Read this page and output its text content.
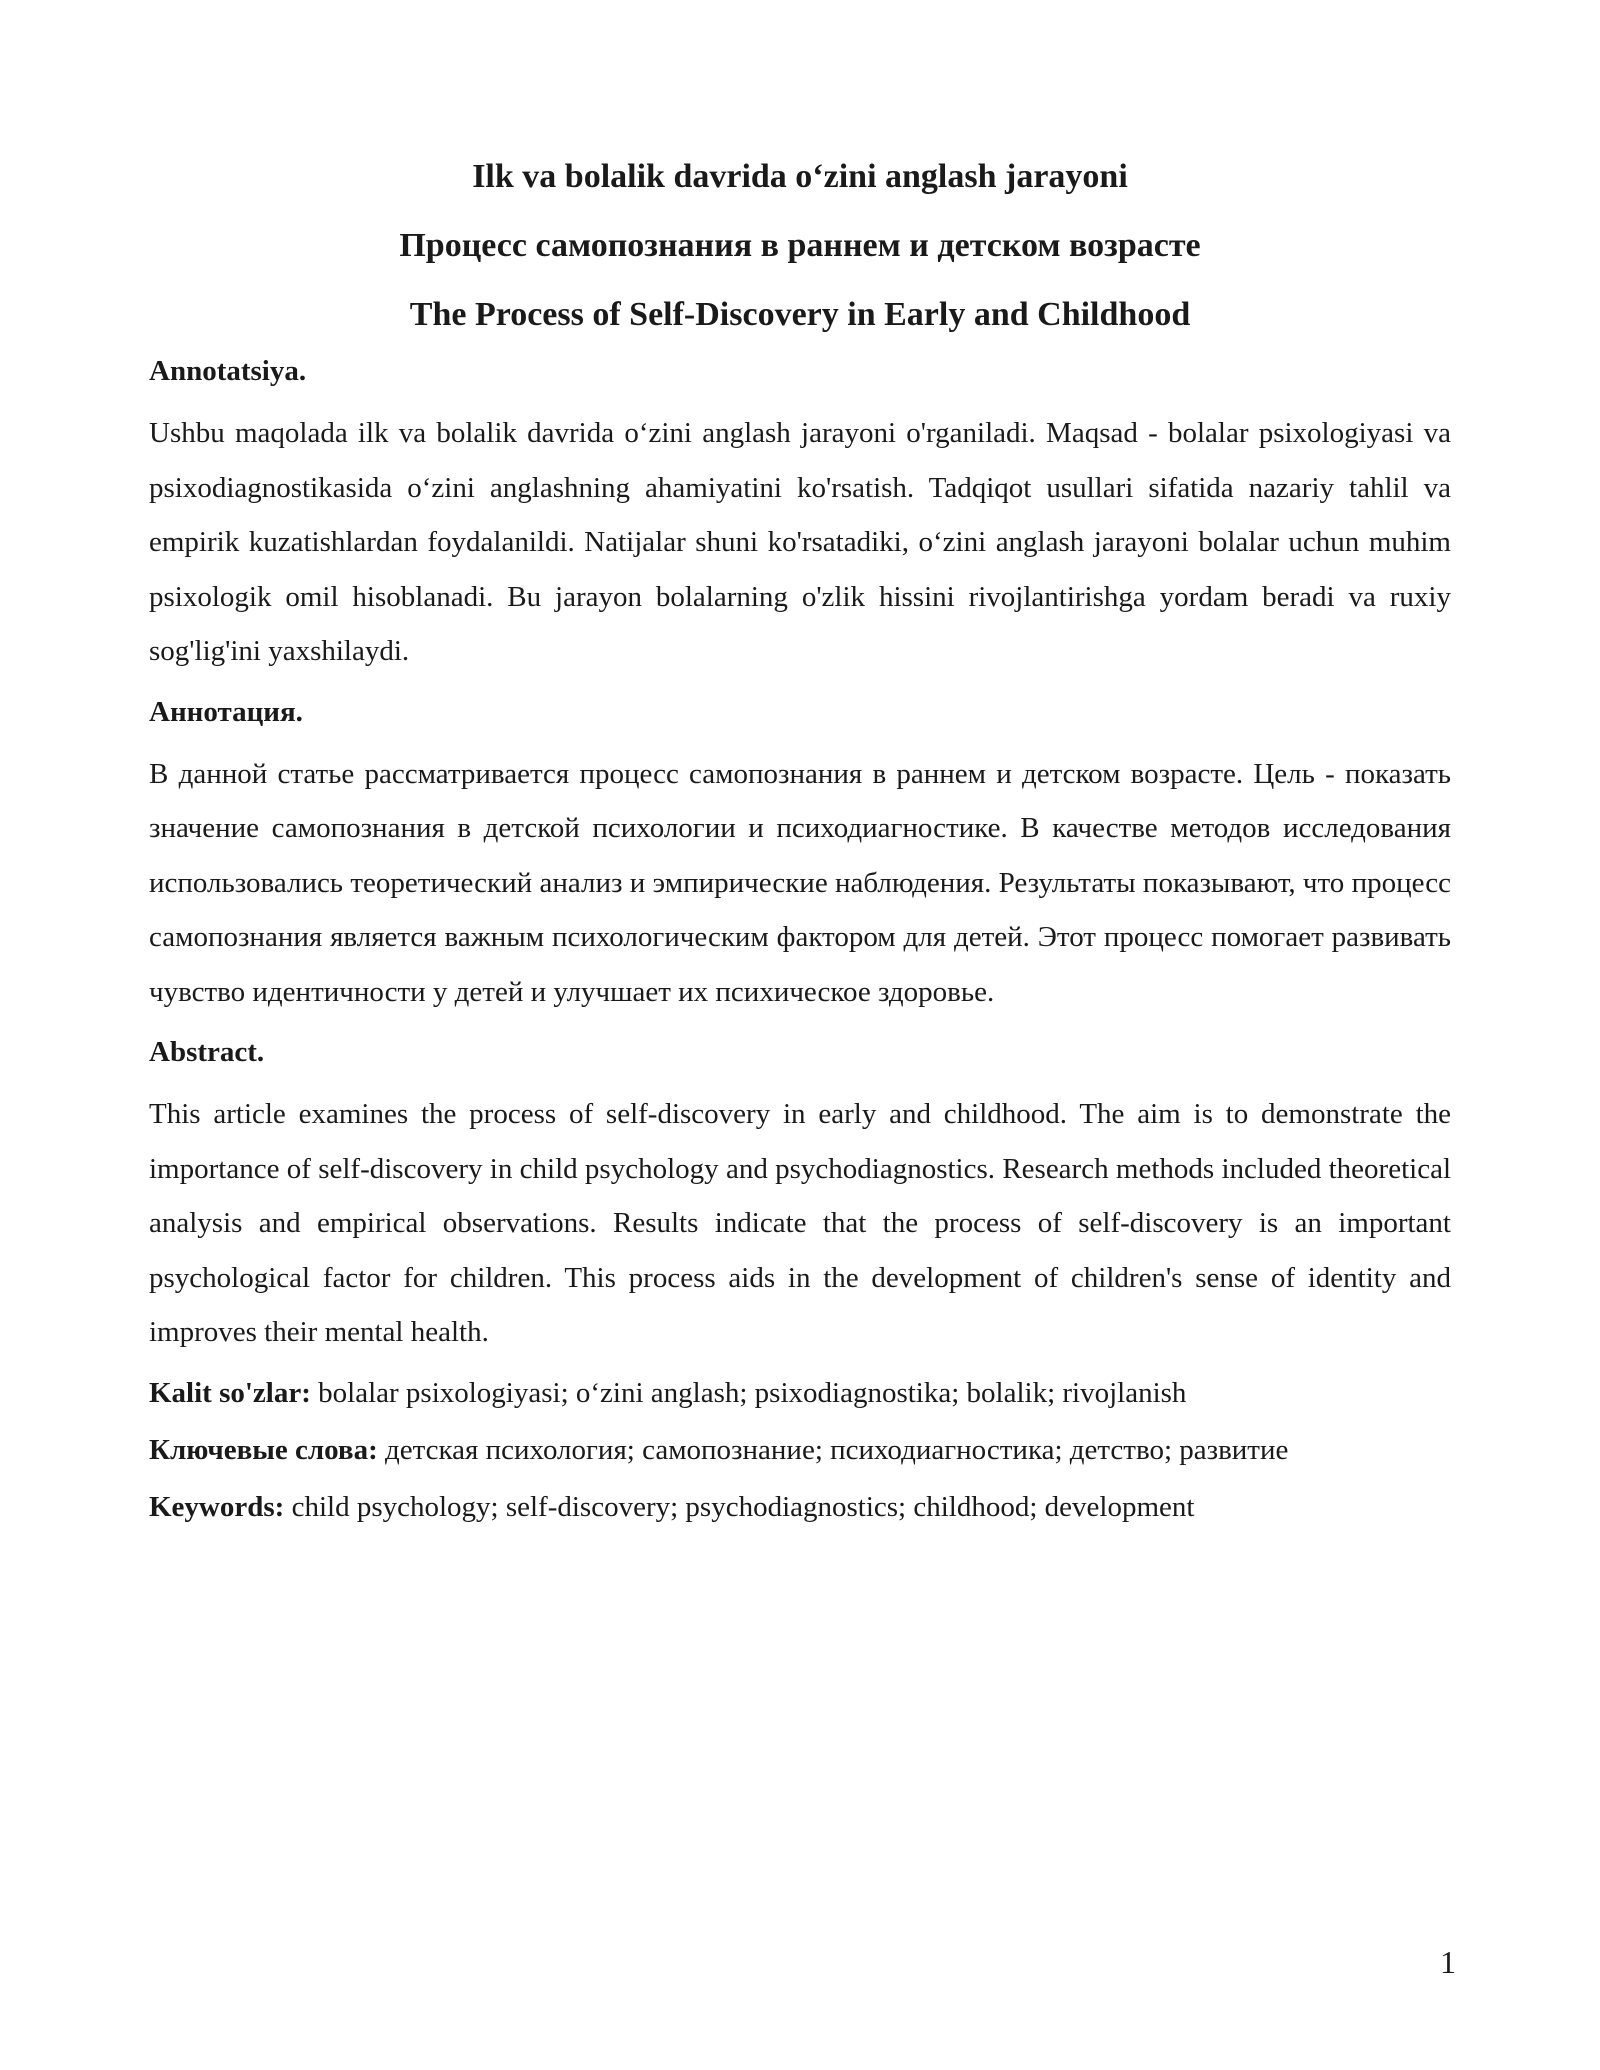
Ilk va bolalik davrida o‘zini anglash jarayoni
Процесс самопознания в раннем и детском возрасте
The Process of Self-Discovery in Early and Childhood
Annotatsiya.

Ushbu maqolada ilk va bolalik davrida o‘zini anglash jarayoni o'rganiladi. Maqsad - bolalar psixologiyasi va psixodiagnostikasida o‘zini anglashning ahamiyatini ko'rsatish. Tadqiqot usullari sifatida nazariy tahlil va empirik kuzatishlardan foydalanildi. Natijalar shuni ko'rsatadiki, o‘zini anglash jarayoni bolalar uchun muhim psixologik omil hisoblanadi. Bu jarayon bolalarning o'zlik hissini rivojlantirishga yordam beradi va ruxiy sog'lig'ini yaxshilaydi.

Аннотация.

В данной статье рассматривается процесс самопознания в раннем и детском возрасте. Цель - показать значение самопознания в детской психологии и психодиагностике. В качестве методов исследования использовались теоретический анализ и эмпирические наблюдения. Результаты показывают, что процесс самопознания является важным психологическим фактором для детей. Этот процесс помогает развивать чувство идентичности у детей и улучшает их психическое здоровье.

Abstract.

This article examines the process of self-discovery in early and childhood. The aim is to demonstrate the importance of self-discovery in child psychology and psychodiagnostics. Research methods included theoretical analysis and empirical observations. Results indicate that the process of self-discovery is an important psychological factor for children. This process aids in the development of children's sense of identity and improves their mental health.

Kalit so'zlar: bolalar psixologiyasi; o‘zini anglash; psixodiagnostika; bolalik; rivojlanish

Ключевые слова: детская психология; самопознание; психодиагностика; детство; развитие

Keywords: child psychology; self-discovery; psychodiagnostics; childhood; development

1
